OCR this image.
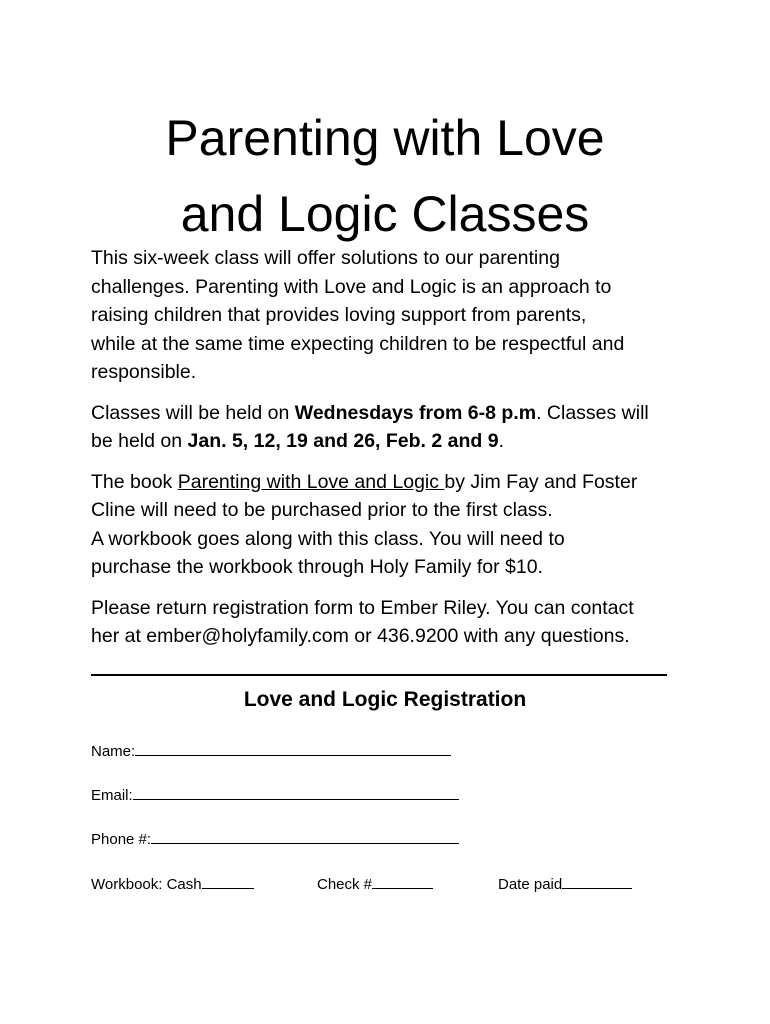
Parenting with Love
and Logic Classes

This six-week class will offer solutions to our parenting
challenges. Parenting with Love and Logic is an approach to
raising children that provides loving support from parents,
while at the same time expecting children to be respectful and
responsible.

Classes will be held on Wednesdays from 6-8 p.m. Classes will
be held on Jan. 5, 12, 19 and 26, Feb. 2 and 9.

The book Parenting with Love and Logic by Jim Fay and Foster
Cline will need to be purchased prior to the first class.
A workbook goes along with this class. You will need to
purchase the workbook through Holy Family for $10.

Please return registration form to Ember Riley. You can contact
her at ember@holyfamily.com or 436.9200 with any questions.

Love and Logic Registration
Name:
Email:
Phone #:
Workbook: Cash	Check #	Date paid
